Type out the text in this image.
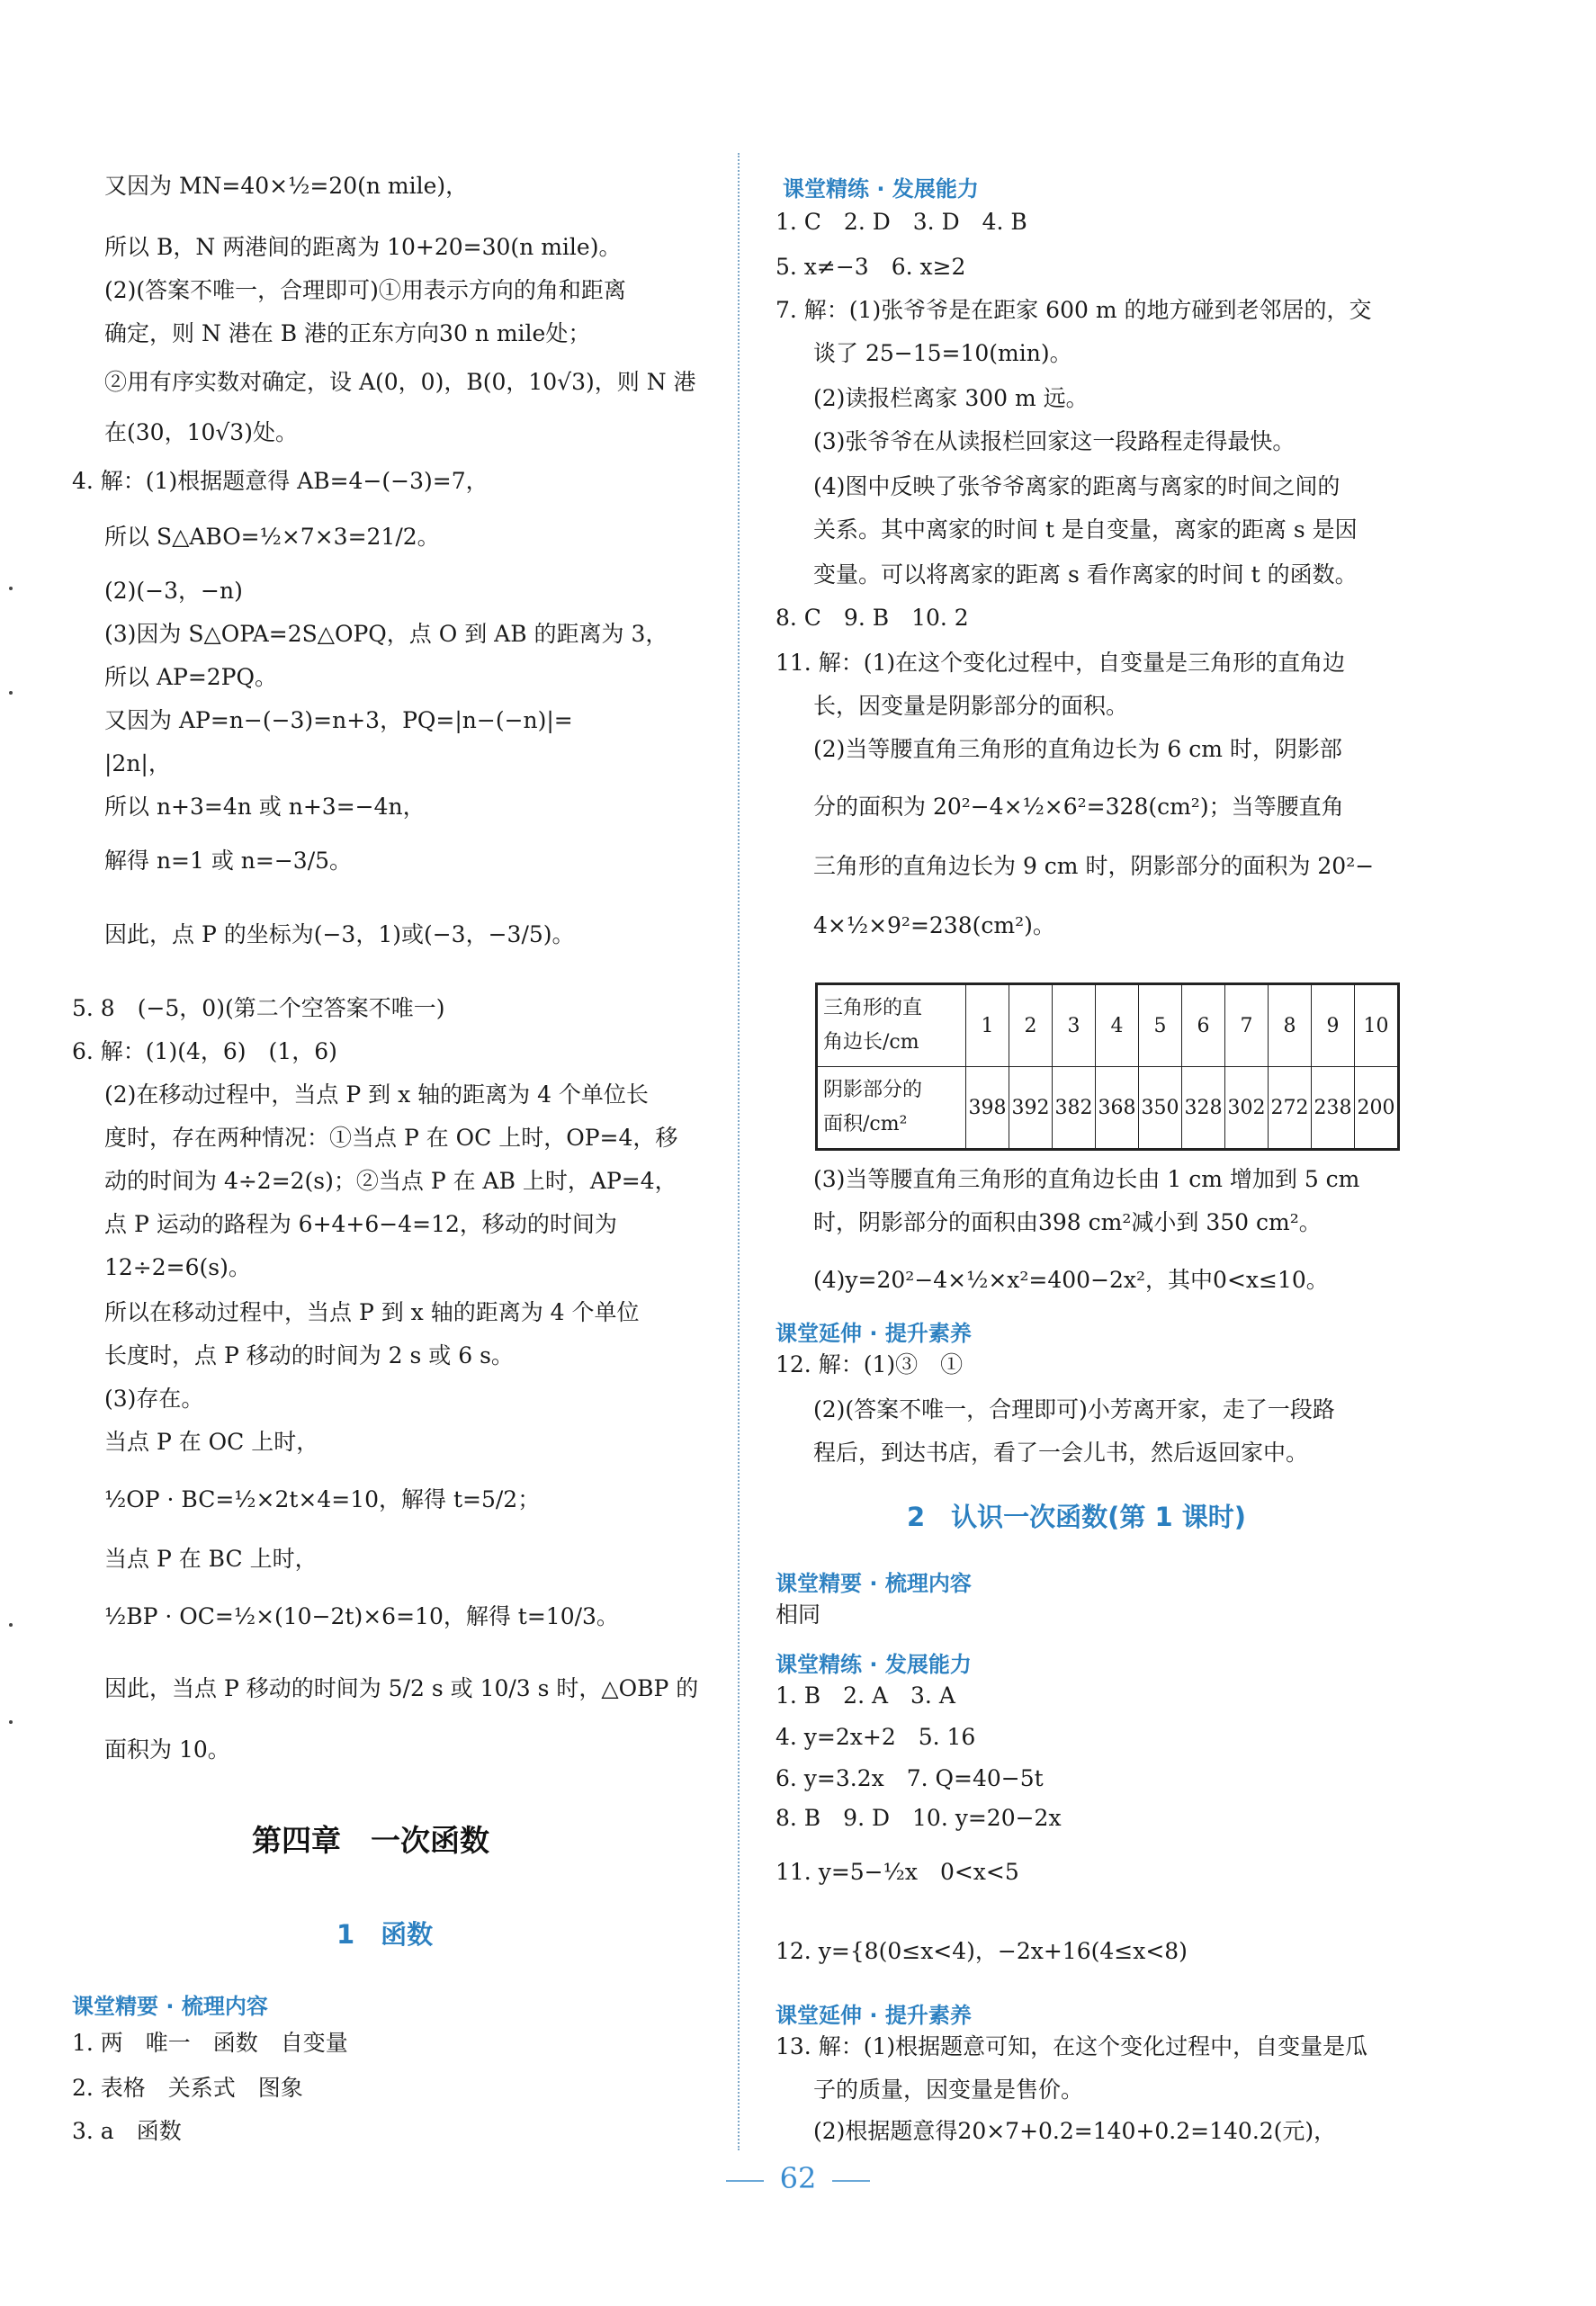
又因为 MN=40×½=20(n mile)，
所以 B，N 两港间的距离为 10+20=30(n mile)。
(2)(答案不唯一，合理即可)①用表示方向的角和距离
确定，则 N 港在 B 港的正东方向30 n mile处；
②用有序实数对确定，设 A(0，0)，B(0，10√3)，则 N 港
在(30，10√3)处。
4. 解：(1)根据题意得 AB=4−(−3)=7，
所以 S△ABO=½×7×3=21/2。
(2)(−3，−n)
(3)因为 S△OPA=2S△OPQ，点 O 到 AB 的距离为 3，
所以 AP=2PQ。
又因为 AP=n−(−3)=n+3，PQ=|n−(−n)|=
|2n|，
所以 n+3=4n 或 n+3=−4n，
解得 n=1 或 n=−3/5。
因此，点 P 的坐标为(−3，1)或(−3，−3/5)。
5. 8　(−5，0)(第二个空答案不唯一)
6. 解：(1)(4，6)　(1，6)
(2)在移动过程中，当点 P 到 x 轴的距离为 4 个单位长
度时，存在两种情况：①当点 P 在 OC 上时，OP=4，移
动的时间为 4÷2=2(s)；②当点 P 在 AB 上时，AP=4，
点 P 运动的路程为 6+4+6−4=12，移动的时间为
12÷2=6(s)。
所以在移动过程中，当点 P 到 x 轴的距离为 4 个单位
长度时，点 P 移动的时间为 2 s 或 6 s。
(3)存在。
当点 P 在 OC 上时，
½OP · BC=½×2t×4=10，解得 t=5/2；
当点 P 在 BC 上时，
½BP · OC=½×(10−2t)×6=10，解得 t=10/3。
因此，当点 P 移动的时间为 5/2 s 或 10/3 s 时，△OBP 的
面积为 10。
第四章　一次函数
1　函数
课堂精要 · 梳理内容
1. 两　唯一　函数　自变量
2. 表格　关系式　图象
3. a　函数
课堂精练 · 发展能力
1. C　2. D　3. D　4. B
5. x≠−3　6. x≥2
7. 解：(1)张爷爷是在距家 600 m 的地方碰到老邻居的，交
谈了 25−15=10(min)。
(2)读报栏离家 300 m 远。
(3)张爷爷在从读报栏回家这一段路程走得最快。
(4)图中反映了张爷爷离家的距离与离家的时间之间的
关系。其中离家的时间 t 是自变量，离家的距离 s 是因
变量。可以将离家的距离 s 看作离家的时间 t 的函数。
8. C　9. B　10. 2
11. 解：(1)在这个变化过程中，自变量是三角形的直角边
长，因变量是阴影部分的面积。
(2)当等腰直角三角形的直角边长为 6 cm 时，阴影部
分的面积为 20²−4×½×6²=328(cm²)；当等腰直角
三角形的直角边长为 9 cm 时，阴影部分的面积为 20²−
4×½×9²=238(cm²)。
三角形的直
角边长/cm	1	2	3	4	5	6	7	8	9	10
阴影部分的
面积/cm²	398	392	382	368	350	328	302	272	238	200
(3)当等腰直角三角形的直角边长由 1 cm 增加到 5 cm
时，阴影部分的面积由398 cm²减小到 350 cm²。
(4)y=20²−4×½×x²=400−2x²，其中0<x≤10。
课堂延伸 · 提升素养
12. 解：(1)③　①
(2)(答案不唯一，合理即可)小芳离开家，走了一段路
程后，到达书店，看了一会儿书，然后返回家中。
2　认识一次函数(第 1 课时)
课堂精要 · 梳理内容
相同
课堂精练 · 发展能力
1. B　2. A　3. A
4. y=2x+2　5. 16
6. y=3.2x　7. Q=40−5t
8. B　9. D　10. y=20−2x
11. y=5−½x　0<x<5
12. y={8(0≤x<4)，−2x+16(4≤x<8)
课堂延伸 · 提升素养
13. 解：(1)根据题意可知，在这个变化过程中，自变量是瓜
子的质量，因变量是售价。
(2)根据题意得20×7+0.2=140+0.2=140.2(元)，
62
